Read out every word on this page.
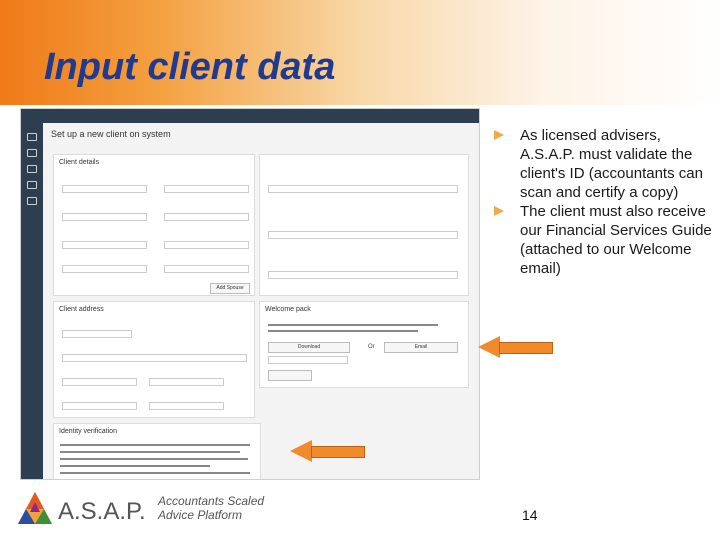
Input client data
Set up a new client on system
Client details
Add Spouse
Client address	Welcome pack
Download	Or	Email
Identity verification
As licensed advisers, A.S.A.P. must validate the client's ID (accountants can scan and certify a copy)
The client must also receive our Financial Services Guide (attached to our Welcome email)
A.S.A.P. Accountants Scaled Advice Platform	14
